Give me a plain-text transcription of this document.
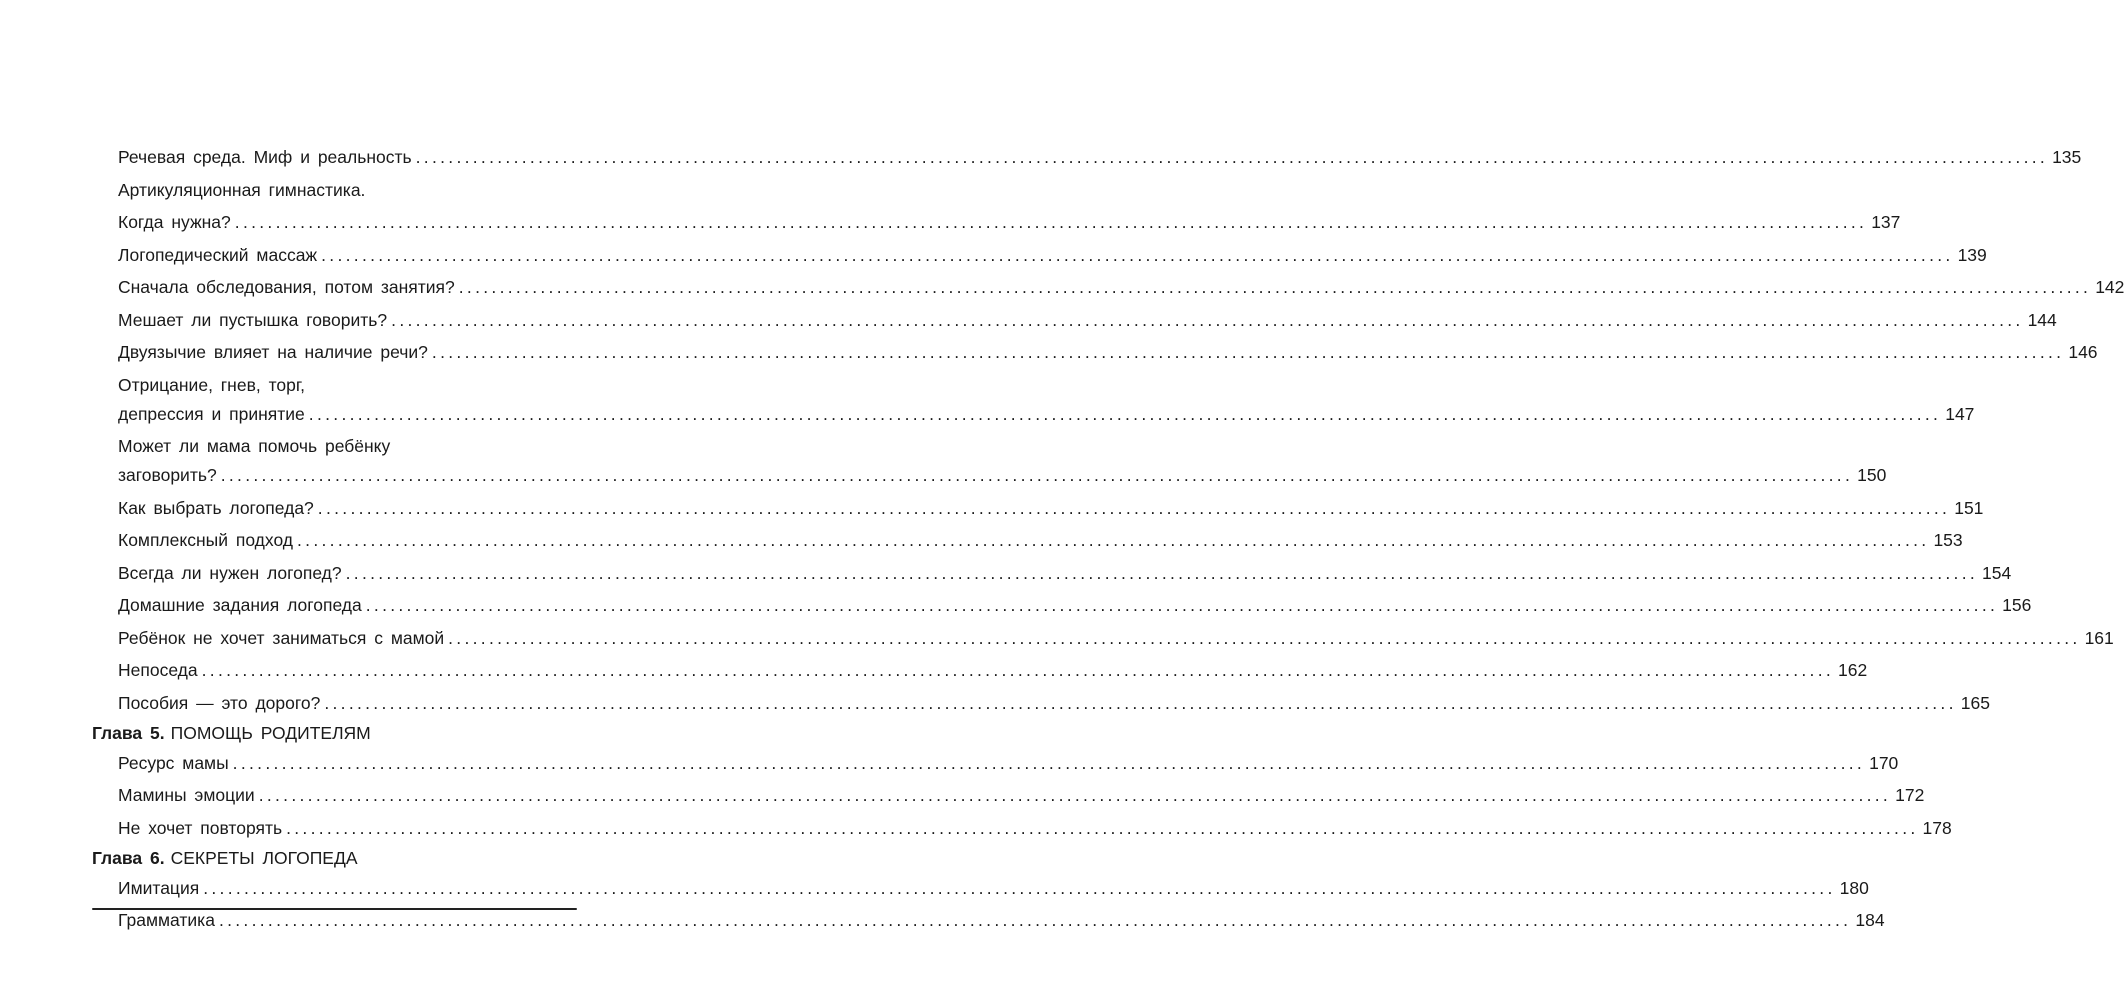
Речевая среда. Миф и реальность ........................................................................................................................................................................................................ 135
Артикуляционная гимнастика.
Когда нужна? ........................................................................................................................................................................................................ 137
Логопедический массаж ........................................................................................................................................................................................................ 139
Сначала обследования, потом занятия? ........................................................................................................................................................................................................ 142
Мешает ли пустышка говорить? ........................................................................................................................................................................................................ 144
Двуязычие влияет на наличие речи? ........................................................................................................................................................................................................ 146
Отрицание, гнев, торг,
депрессия и принятие ........................................................................................................................................................................................................ 147
Может ли мама помочь ребёнку
заговорить? ........................................................................................................................................................................................................ 150
Как выбрать логопеда? ........................................................................................................................................................................................................ 151
Комплексный подход ........................................................................................................................................................................................................ 153
Всегда ли нужен логопед? ........................................................................................................................................................................................................ 154
Домашние задания логопеда ........................................................................................................................................................................................................ 156
Ребёнок не хочет заниматься с мамой ........................................................................................................................................................................................................ 161
Непоседа ........................................................................................................................................................................................................ 162
Пособия — это дорого? ........................................................................................................................................................................................................ 165
Глава 5. ПОМОЩЬ РОДИТЕЛЯМ
Ресурс мамы ........................................................................................................................................................................................................ 170
Мамины эмоции ........................................................................................................................................................................................................ 172
Не хочет повторять ........................................................................................................................................................................................................ 178
Глава 6. СЕКРЕТЫ ЛОГОПЕДА
Имитация ........................................................................................................................................................................................................ 180
Грамматика ........................................................................................................................................................................................................ 184
